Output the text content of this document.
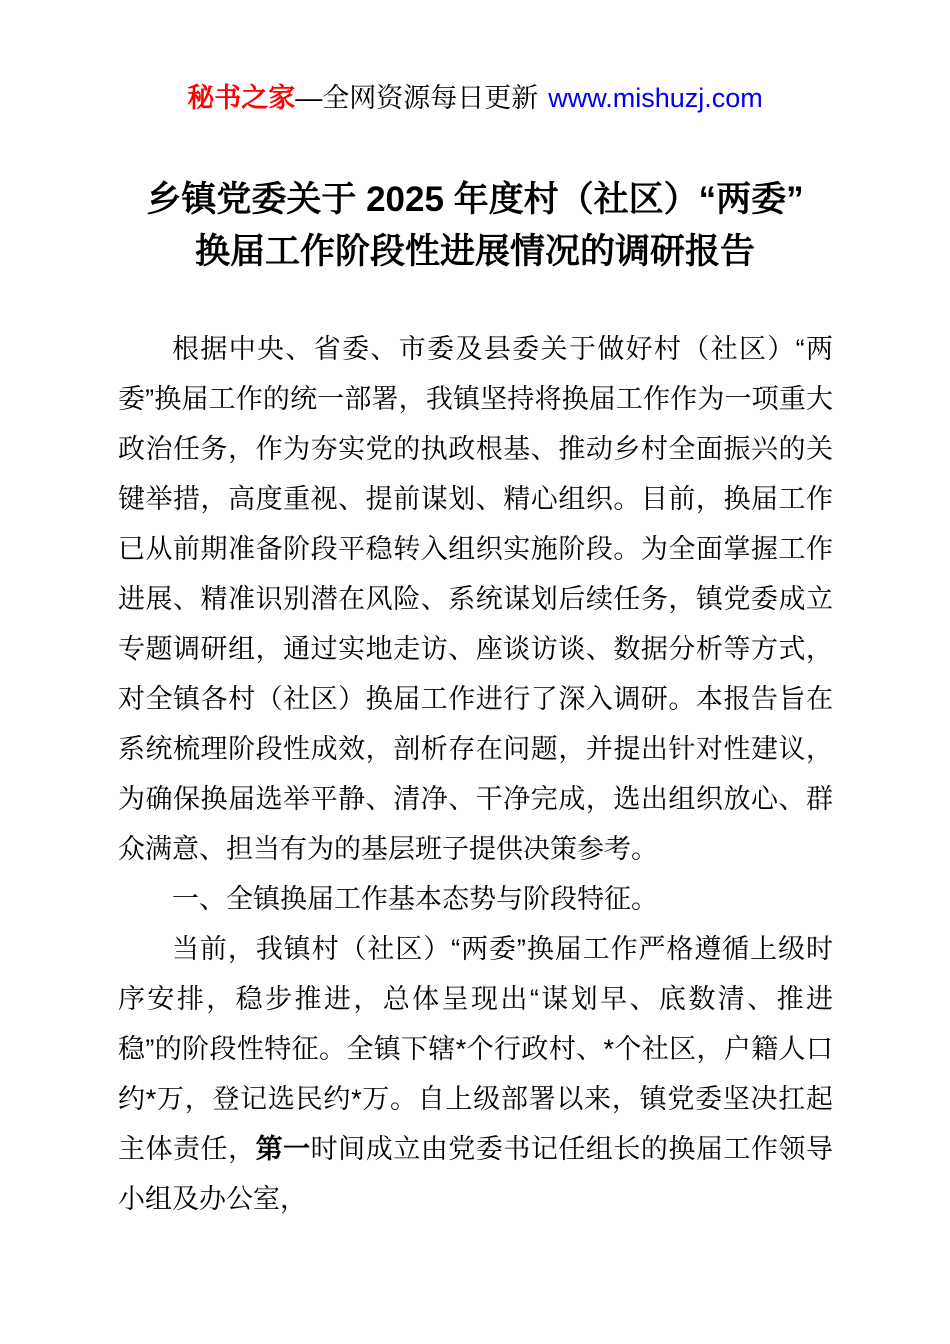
秘书之家—全网资源每日更新 www.mishuzj.com
乡镇党委关于 2025 年度村（社区）“两委”
换届工作阶段性进展情况的调研报告

根据中央、省委、市委及县委关于做好村（社区）“两委”换届工作的统一部署，我镇坚持将换届工作作为一项重大政治任务，作为夯实党的执政根基、推动乡村全面振兴的关键举措，高度重视、提前谋划、精心组织。目前，换届工作已从前期准备阶段平稳转入组织实施阶段。为全面掌握工作进展、精准识别潜在风险、系统谋划后续任务，镇党委成立专题调研组，通过实地走访、座谈访谈、数据分析等方式，对全镇各村（社区）换届工作进行了深入调研。本报告旨在系统梳理阶段性成效，剖析存在问题，并提出针对性建议，为确保换届选举平静、清净、干净完成，选出组织放心、群众满意、担当有为的基层班子提供决策参考。

一、全镇换届工作基本态势与阶段特征。

当前，我镇村（社区）“两委”换届工作严格遵循上级时序安排，稳步推进，总体呈现出“谋划早、底数清、推进稳”的阶段性特征。全镇下辖*个行政村、*个社区，户籍人口约*万，登记选民约*万。自上级部署以来，镇党委坚决扛起主体责任，第一时间成立由党委书记任组长的换届工作领导小组及办公室，
